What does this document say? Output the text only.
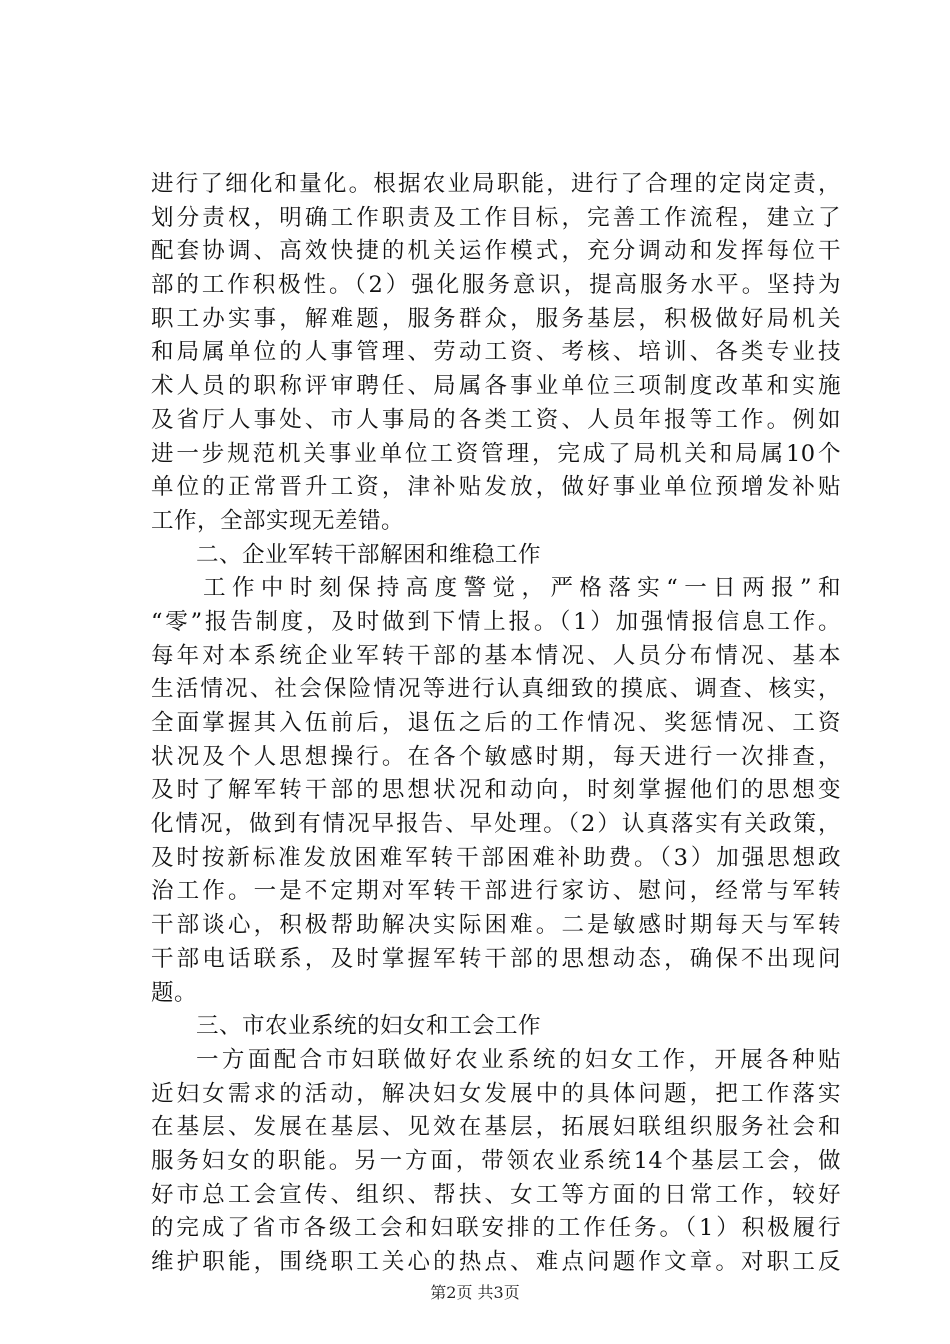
进行了细化和量化。根据农业局职能，进行了合理的定岗定责，
划分责权，明确工作职责及工作目标，完善工作流程，建立了
配套协调、高效快捷的机关运作模式，充分调动和发挥每位干
部的工作积极性。（2）强化服务意识，提高服务水平。坚持为
职工办实事，解难题，服务群众，服务基层，积极做好局机关
和局属单位的人事管理、劳动工资、考核、培训、各类专业技
术人员的职称评审聘任、局属各事业单位三项制度改革和实施
及省厅人事处、市人事局的各类工资、人员年报等工作。例如
进一步规范机关事业单位工资管理，完成了局机关和局属10个
单位的正常晋升工资，津补贴发放，做好事业单位预增发补贴
工作，全部实现无差错。
二、企业军转干部解困和维稳工作
工作中时刻保持高度警觉，严格落实“一日两报”和
“零”报告制度，及时做到下情上报。（1）加强情报信息工作。
每年对本系统企业军转干部的基本情况、人员分布情况、基本
生活情况、社会保险情况等进行认真细致的摸底、调查、核实，
全面掌握其入伍前后，退伍之后的工作情况、奖惩情况、工资
状况及个人思想操行。在各个敏感时期，每天进行一次排查，
及时了解军转干部的思想状况和动向，时刻掌握他们的思想变
化情况，做到有情况早报告、早处理。（2）认真落实有关政策，
及时按新标准发放困难军转干部困难补助费。（3）加强思想政
治工作。一是不定期对军转干部进行家访、慰问，经常与军转
干部谈心，积极帮助解决实际困难。二是敏感时期每天与军转
干部电话联系，及时掌握军转干部的思想动态，确保不出现问
题。
三、市农业系统的妇女和工会工作
一方面配合市妇联做好农业系统的妇女工作，开展各种贴
近妇女需求的活动，解决妇女发展中的具体问题，把工作落实
在基层、发展在基层、见效在基层，拓展妇联组织服务社会和
服务妇女的职能。另一方面，带领农业系统14个基层工会，做
好市总工会宣传、组织、帮扶、女工等方面的日常工作，较好
的完成了省市各级工会和妇联安排的工作任务。（1）积极履行
维护职能，围绕职工关心的热点、难点问题作文章。对职工反
第2页 共3页
